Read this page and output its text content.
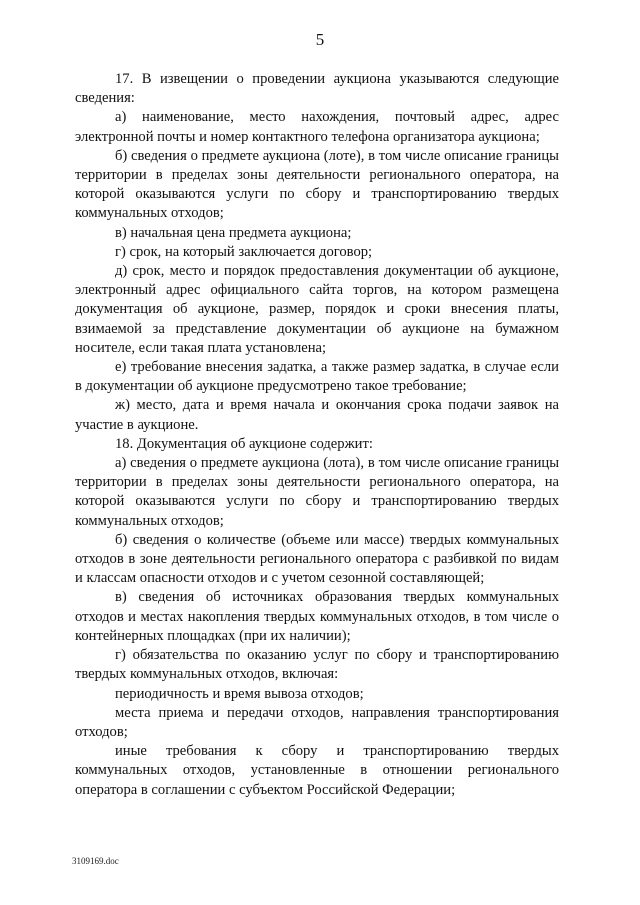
5

17. В извещении о проведении аукциона указываются следующие сведения:

а) наименование, место нахождения, почтовый адрес, адрес электронной почты и номер контактного телефона организатора аукциона;

б) сведения о предмете аукциона (лоте), в том числе описание границы территории в пределах зоны деятельности регионального оператора, на которой оказываются услуги по сбору и транспортированию твердых коммунальных отходов;

в) начальная цена предмета аукциона;

г) срок, на который заключается договор;

д) срок, место и порядок предоставления документации об аукционе, электронный адрес официального сайта торгов, на котором размещена документация об аукционе, размер, порядок и сроки внесения платы, взимаемой за представление документации об аукционе на бумажном носителе, если такая плата установлена;

е) требование внесения задатка, а также размер задатка, в случае если в документации об аукционе предусмотрено такое требование;

ж) место, дата и время начала и окончания срока подачи заявок на участие в аукционе.

18. Документация об аукционе содержит:

а) сведения о предмете аукциона (лота), в том числе описание границы территории в пределах зоны деятельности регионального оператора, на которой оказываются услуги по сбору и транспортированию твердых коммунальных отходов;

б) сведения о количестве (объеме или массе) твердых коммунальных отходов в зоне деятельности регионального оператора с разбивкой по видам и классам опасности отходов и с учетом сезонной составляющей;

в) сведения об источниках образования твердых коммунальных отходов и местах накопления твердых коммунальных отходов, в том числе о контейнерных площадках (при их наличии);

г) обязательства по оказанию услуг по сбору и транспортированию твердых коммунальных отходов, включая:

периодичность и время вывоза отходов;

места приема и передачи отходов, направления транспортирования отходов;

иные требования к сбору и транспортированию твердых коммунальных отходов, установленные в отношении регионального оператора в соглашении с субъектом Российской Федерации;

3109169.doc
